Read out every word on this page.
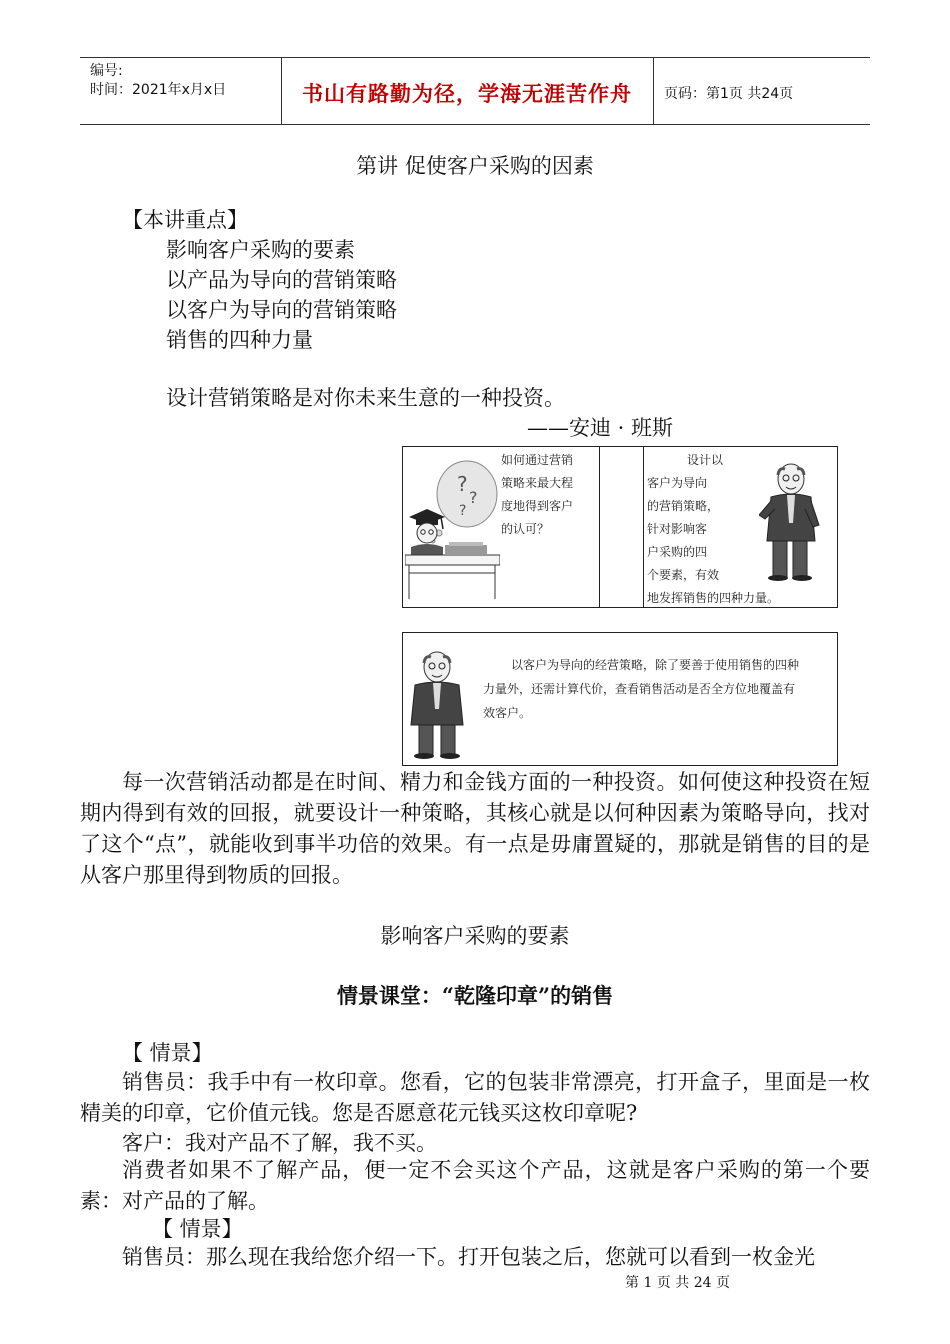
编号:
时间：2021年x月x日	书山有路勤为径，学海无涯苦作舟	页码：第1页 共24页
第讲 促使客户采购的因素
【本讲重点】
影响客户采购的要素
以产品为导向的营销策略
以客户为导向的营销策略
销售的四种力量
设计营销策略是对你未来生意的一种投资。
——安迪 · 班斯
?
?
?
如何通过营销
策略来最大程
度地得到客户
的认可？
设计以
客户为导向
的营销策略，
针对影响客
户采购的四
个要素，有效
地发挥销售的四种力量。
以客户为导向的经营策略，除了要善于使用销售的四种
力量外，还需计算代价，查看销售活动是否全方位地覆盖有
效客户。
每一次营销活动都是在时间、精力和金钱方面的一种投资。如何使这种投资在短期内得到有效的回报，就要设计一种策略，其核心就是以何种因素为策略导向，找对了这个“点”，就能收到事半功倍的效果。有一点是毋庸置疑的，那就是销售的目的是从客户那里得到物质的回报。
影响客户采购的要素
情景课堂：“乾隆印章”的销售
【 情景】
销售员：我手中有一枚印章。您看，它的包装非常漂亮，打开盒子，里面是一枚精美的印章，它价值元钱。您是否愿意花元钱买这枚印章呢?
客户：我对产品不了解，我不买。
消费者如果不了解产品，便一定不会买这个产品，这就是客户采购的第一个要素：对产品的了解。
【 情景】
销售员：那么现在我给您介绍一下。打开包装之后，您就可以看到一枚金光
第 1 页 共 24 页
